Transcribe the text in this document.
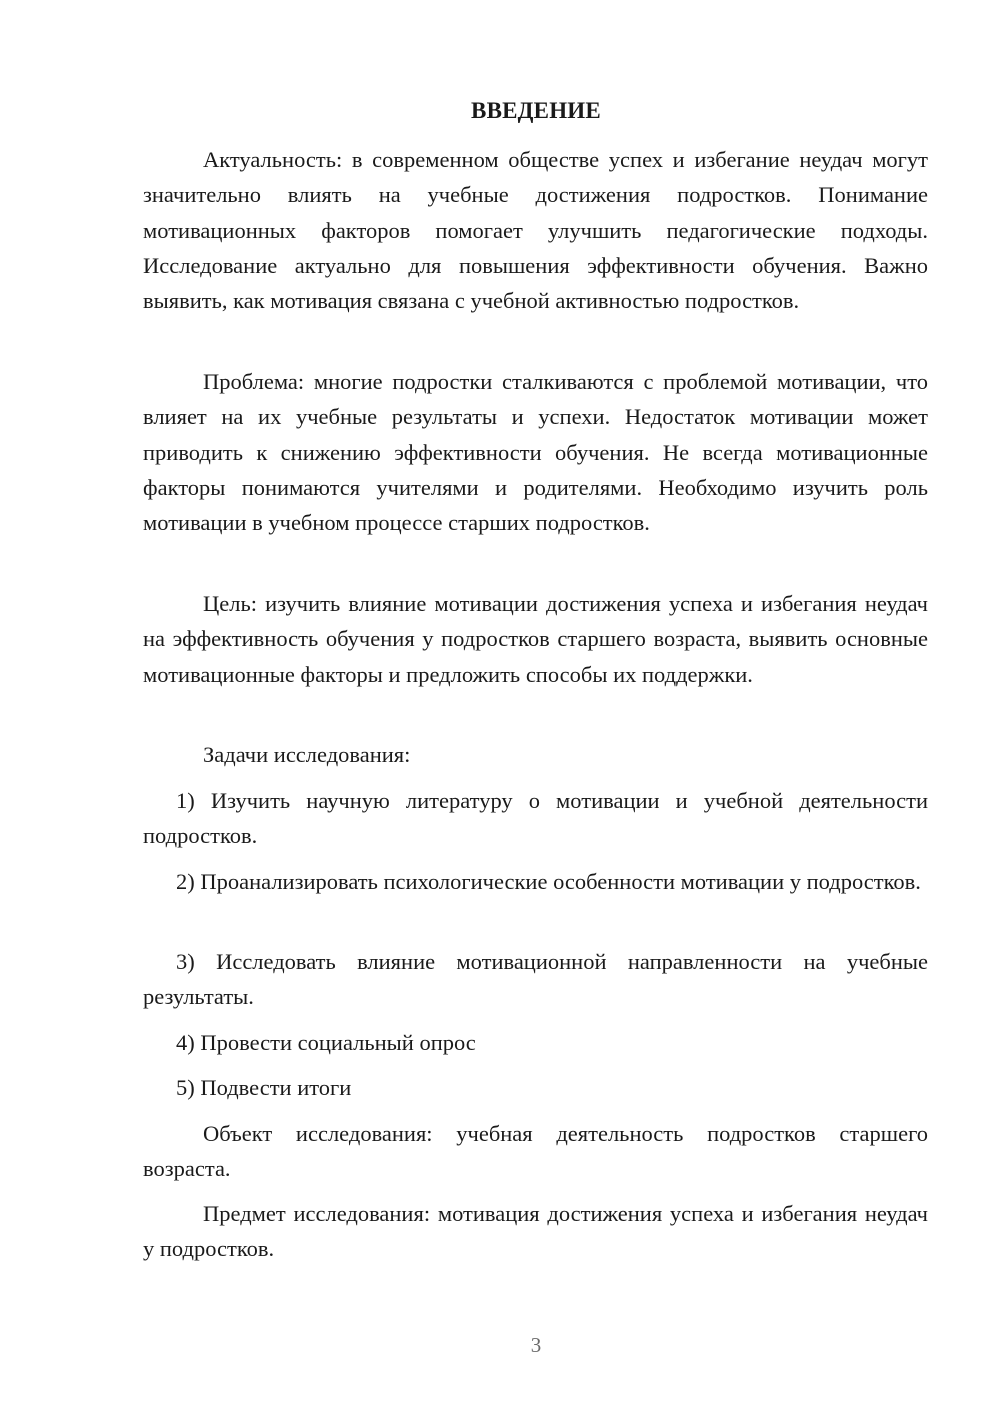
ВВЕДЕНИЕ

Актуальность: в современном обществе успех и избегание неудач могут значительно влиять на учебные достижения подростков. Понимание мотивационных факторов помогает улучшить педагогические подходы. Исследование актуально для повышения эффективности обучения. Важно выявить, как мотивация связана с учебной активностью подростков.

Проблема: многие подростки сталкиваются с проблемой мотивации, что влияет на их учебные результаты и успехи. Недостаток мотивации может приводить к снижению эффективности обучения. Не всегда мотивационные факторы понимаются учителями и родителями. Необходимо изучить роль мотивации в учебном процессе старших подростков.

Цель: изучить влияние мотивации достижения успеха и избегания неудач на эффективность обучения у подростков старшего возраста, выявить основные мотивационные факторы и предложить способы их поддержки.

Задачи исследования:

1) Изучить научную литературу о мотивации и учебной деятельности подростков.

2) Проанализировать психологические особенности мотивации у подростков.

3) Исследовать влияние мотивационной направленности на учебные результаты.

4) Провести социальный опрос

5) Подвести итоги

Объект исследования: учебная деятельность подростков старшего возраста.

Предмет исследования: мотивация достижения успеха и избегания неудач у подростков.

3
